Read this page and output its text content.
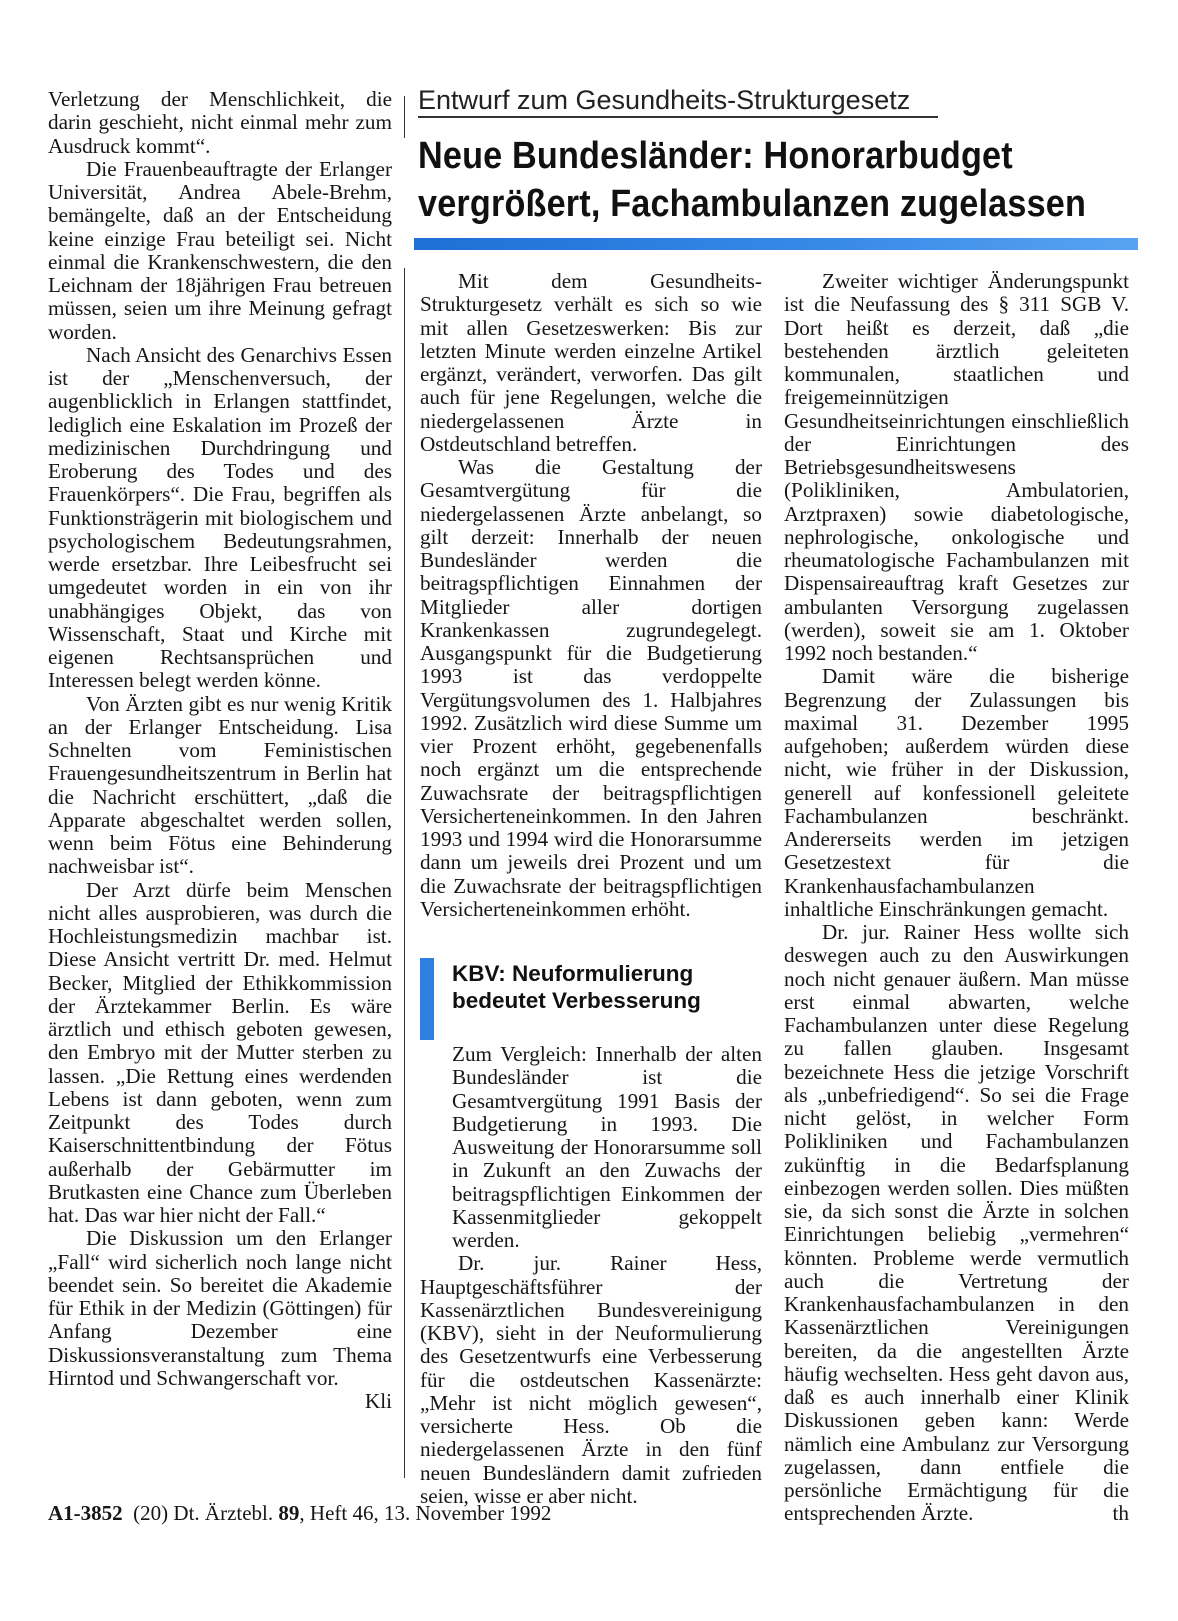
Verletzung der Menschlichkeit, die darin geschieht, nicht einmal mehr zum Ausdruck kommt“.

Die Frauenbeauftragte der Erlanger Universität, Andrea Abele-Brehm, bemängelte, daß an der Entscheidung keine einzige Frau beteiligt sei. Nicht einmal die Krankenschwestern, die den Leichnam der 18jährigen Frau betreuen müssen, seien um ihre Meinung gefragt worden.

Nach Ansicht des Genarchivs Essen ist der „Menschenversuch, der augenblicklich in Erlangen stattfindet, lediglich eine Eskalation im Prozeß der medizinischen Durchdringung und Eroberung des Todes und des Frauenkörpers“. Die Frau, begriffen als Funktionsträgerin mit biologischem und psychologischem Bedeutungsrahmen, werde ersetzbar. Ihre Leibesfrucht sei umgedeutet worden in ein von ihr unabhängiges Objekt, das von Wissenschaft, Staat und Kirche mit eigenen Rechtsansprüchen und Interessen belegt werden könne.

Von Ärzten gibt es nur wenig Kritik an der Erlanger Entscheidung. Lisa Schnelten vom Feministischen Frauengesundheitszentrum in Berlin hat die Nachricht erschüttert, „daß die Apparate abgeschaltet werden sollen, wenn beim Fötus eine Behinderung nachweisbar ist“.

Der Arzt dürfe beim Menschen nicht alles ausprobieren, was durch die Hochleistungsmedizin machbar ist. Diese Ansicht vertritt Dr. med. Helmut Becker, Mitglied der Ethikkommission der Ärztekammer Berlin. Es wäre ärztlich und ethisch geboten gewesen, den Embryo mit der Mutter sterben zu lassen. „Die Rettung eines werdenden Lebens ist dann geboten, wenn zum Zeitpunkt des Todes durch Kaiserschnittentbindung der Fötus außerhalb der Gebärmutter im Brutkasten eine Chance zum Überleben hat. Das war hier nicht der Fall.“

Die Diskussion um den Erlanger „Fall“ wird sicherlich noch lange nicht beendet sein. So bereitet die Akademie für Ethik in der Medizin (Göttingen) für Anfang Dezember eine Diskussionsveranstaltung zum Thema Hirntod und Schwangerschaft vor.
Kli

Entwurf zum Gesundheits-Strukturgesetz
Neue Bundesländer: Honorarbudget
vergrößert, Fachambulanzen zugelassen

Mit dem Gesundheits-Strukturgesetz verhält es sich so wie mit allen Gesetzeswerken: Bis zur letzten Minute werden einzelne Artikel ergänzt, verändert, verworfen. Das gilt auch für jene Regelungen, welche die niedergelassenen Ärzte in Ostdeutschland betreffen.

Was die Gestaltung der Gesamtvergütung für die niedergelassenen Ärzte anbelangt, so gilt derzeit: Innerhalb der neuen Bundesländer werden die beitragspflichtigen Einnahmen der Mitglieder aller dortigen Krankenkassen zugrundegelegt. Ausgangspunkt für die Budgetierung 1993 ist das verdoppelte Vergütungsvolumen des 1. Halbjahres 1992. Zusätzlich wird diese Summe um vier Prozent erhöht, gegebenenfalls noch ergänzt um die entsprechende Zuwachsrate der beitragspflichtigen Versicherteneinkommen. In den Jahren 1993 und 1994 wird die Honorarsumme dann um jeweils drei Prozent und um die Zuwachsrate der beitragspflichtigen Versicherteneinkommen erhöht.

KBV: Neuformulierung bedeutet Verbesserung

Zum Vergleich: Innerhalb der alten Bundesländer ist die Gesamtvergütung 1991 Basis der Budgetierung in 1993. Die Ausweitung der Honorarsumme soll in Zukunft an den Zuwachs der beitragspflichtigen Einkommen der Kassenmitglieder gekoppelt werden.

Dr. jur. Rainer Hess, Hauptgeschäftsführer der Kassenärztlichen Bundesvereinigung (KBV), sieht in der Neuformulierung des Gesetzentwurfs eine Verbesserung für die ostdeutschen Kassenärzte: „Mehr ist nicht möglich gewesen“, versicherte Hess. Ob die niedergelassenen Ärzte in den fünf neuen Bundesländern damit zufrieden seien, wisse er aber nicht.

Zweiter wichtiger Änderungspunkt ist die Neufassung des § 311 SGB V. Dort heißt es derzeit, daß „die bestehenden ärztlich geleiteten kommunalen, staatlichen und freigemeinnützigen Gesundheitseinrichtungen einschließlich der Einrichtungen des Betriebsgesundheitswesens (Polikliniken, Ambulatorien, Arztpraxen) sowie diabetologische, nephrologische, onkologische und rheumatologische Fachambulanzen mit Dispensaireauftrag kraft Gesetzes zur ambulanten Versorgung zugelassen (werden), soweit sie am 1. Oktober 1992 noch bestanden.“

Damit wäre die bisherige Begrenzung der Zulassungen bis maximal 31. Dezember 1995 aufgehoben; außerdem würden diese nicht, wie früher in der Diskussion, generell auf konfessionell geleitete Fachambulanzen beschränkt. Andererseits werden im jetzigen Gesetzestext für die Krankenhausfachambulanzen inhaltliche Einschränkungen gemacht.

Dr. jur. Rainer Hess wollte sich deswegen auch zu den Auswirkungen noch nicht genauer äußern. Man müsse erst einmal abwarten, welche Fachambulanzen unter diese Regelung zu fallen glauben. Insgesamt bezeichnete Hess die jetzige Vorschrift als „unbefriedigend“. So sei die Frage nicht gelöst, in welcher Form Polikliniken und Fachambulanzen zukünftig in die Bedarfsplanung einbezogen werden sollen. Dies müßten sie, da sich sonst die Ärzte in solchen Einrichtungen beliebig „vermehren“ könnten. Probleme werde vermutlich auch die Vertretung der Krankenhausfachambulanzen in den Kassenärztlichen Vereinigungen bereiten, da die angestellten Ärzte häufig wechselten. Hess geht davon aus, daß es auch innerhalb einer Klinik Diskussionen geben kann: Werde nämlich eine Ambulanz zur Versorgung zugelassen, dann entfiele die persönliche Ermächtigung für die entsprechenden Ärzte.	th

A1-3852 (20) Dt. Ärztebl. 89, Heft 46, 13. November 1992
